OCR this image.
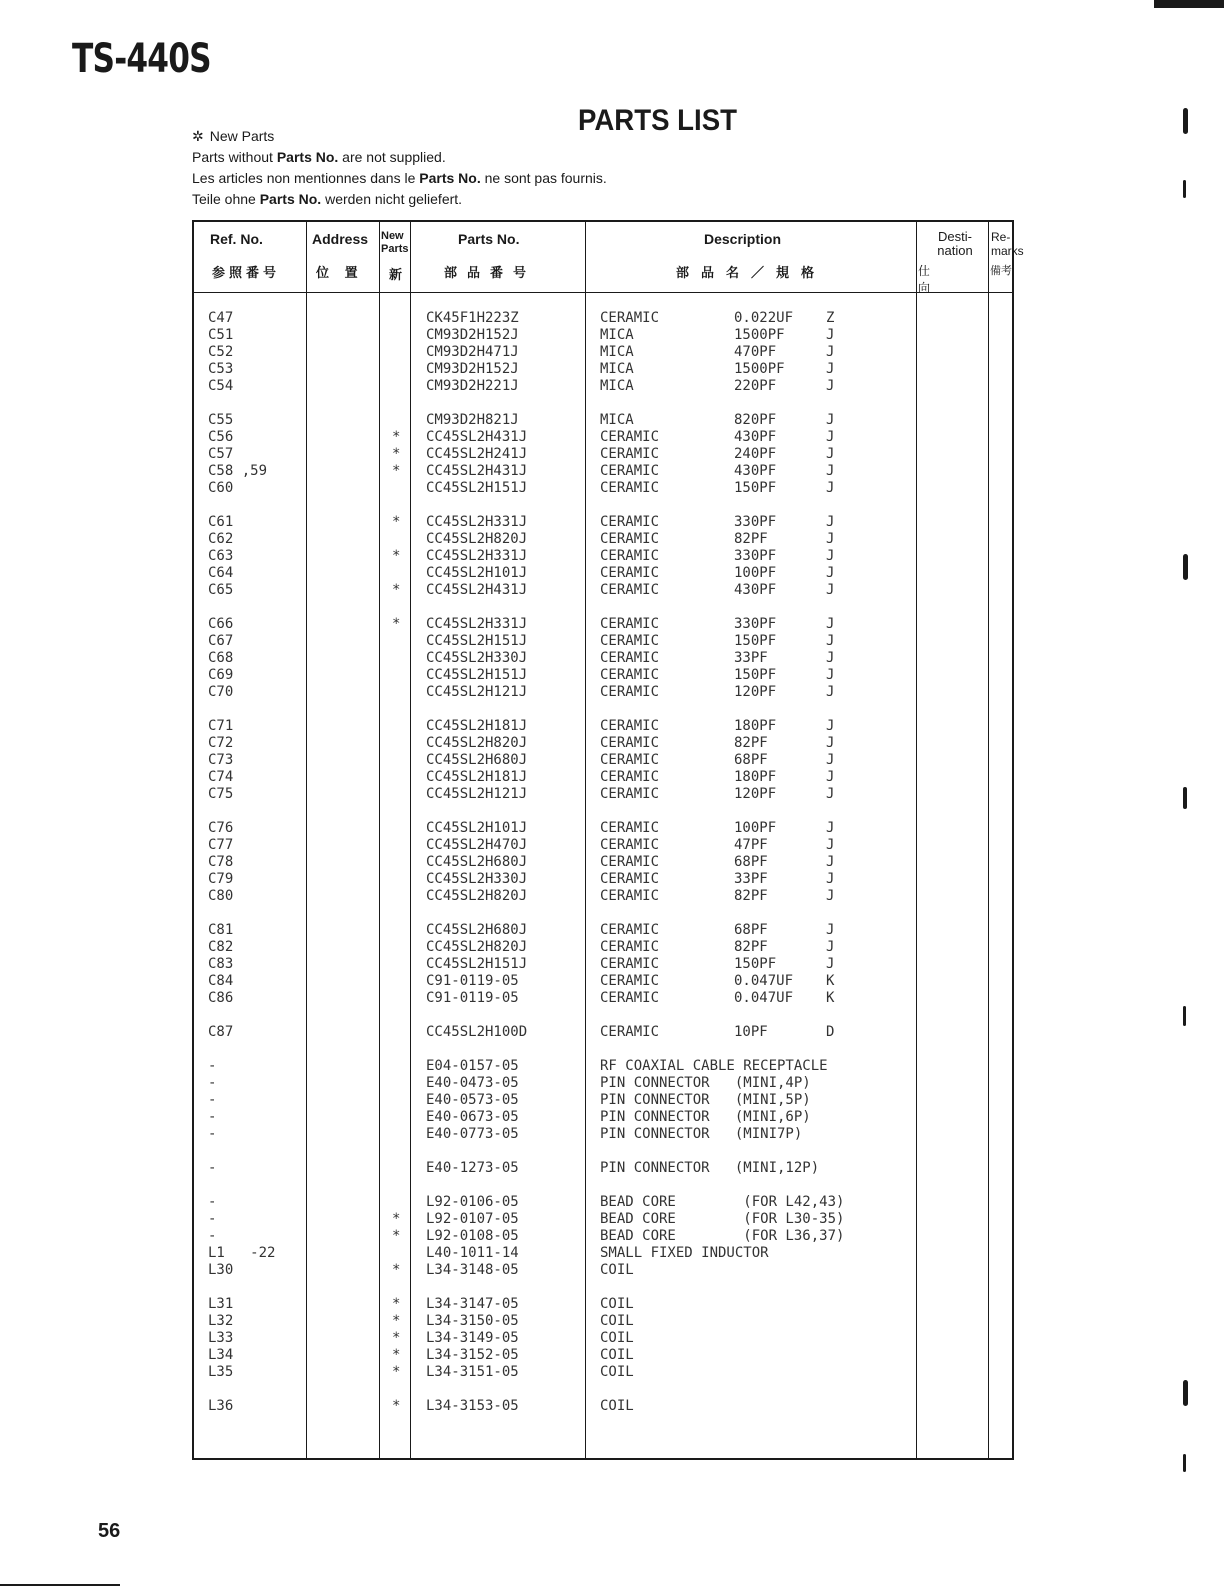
TS-440S
PARTS LIST
✲ New Parts
Parts without Parts No. are not supplied.
Les articles non mentionnes dans le Parts No. ne sont pas fournis.
Teile ohne Parts No. werden nicht geliefert.
Ref. No.
参照番号
Address
位 置
New Parts
新
Parts No.
部品番号
Description
部品名／規格
Desti- nation
仕 向
Re- marks
備考
C47	CK45F1H223Z	CERAMIC	0.022UF Z
C51	CM93D2H152J	MICA	1500PF	J
C52	CM93D2H471J	MICA	470PF	J
C53	CM93D2H152J	MICA	1500PF	J
C54	CM93D2H221J	MICA	220PF	J
C55	CM93D2H821J	MICA	820PF	J
C56	* CC45SL2H431J	CERAMIC	430PF	J
C57	* CC45SL2H241J	CERAMIC	240PF	J
C58 ,59	* CC45SL2H431J	CERAMIC	430PF	J
C60	CC45SL2H151J	CERAMIC	150PF	J
C61	* CC45SL2H331J	CERAMIC	330PF	J
C62	CC45SL2H820J	CERAMIC	82PF	J
C63	* CC45SL2H331J	CERAMIC	330PF	J
C64	CC45SL2H101J	CERAMIC	100PF	J
C65	* CC45SL2H431J	CERAMIC	430PF	J
C66	* CC45SL2H331J	CERAMIC	330PF	J
C67	CC45SL2H151J	CERAMIC	150PF	J
C68	CC45SL2H330J	CERAMIC	33PF	J
C69	CC45SL2H151J	CERAMIC	150PF	J
C70	CC45SL2H121J	CERAMIC	120PF	J
C71	CC45SL2H181J	CERAMIC	180PF	J
C72	CC45SL2H820J	CERAMIC	82PF	J
C73	CC45SL2H680J	CERAMIC	68PF	J
C74	CC45SL2H181J	CERAMIC	180PF	J
C75	CC45SL2H121J	CERAMIC	120PF	J
C76	CC45SL2H101J	CERAMIC	100PF	J
C77	CC45SL2H470J	CERAMIC	47PF	J
C78	CC45SL2H680J	CERAMIC	68PF	J
C79	CC45SL2H330J	CERAMIC	33PF	J
C80	CC45SL2H820J	CERAMIC	82PF	J
C81	CC45SL2H680J	CERAMIC	68PF	J
C82	CC45SL2H820J	CERAMIC	82PF	J
C83	CC45SL2H151J	CERAMIC	150PF	J
C84	C91-0119-05	CERAMIC	0.047UF K
C86	C91-0119-05	CERAMIC	0.047UF K
C87	CC45SL2H100D	CERAMIC	10PF	D
-	E04-0157-05	RF COAXIAL CABLE RECEPTACLE
-	E40-0473-05	PIN CONNECTOR   (MINI,4P)
-	E40-0573-05	PIN CONNECTOR   (MINI,5P)
-	E40-0673-05	PIN CONNECTOR   (MINI,6P)
-	E40-0773-05	PIN CONNECTOR   (MINI7P)
-	E40-1273-05	PIN CONNECTOR   (MINI,12P)
-	L92-0106-05	BEAD CORE        (FOR L42,43)
-	* L92-0107-05	BEAD CORE        (FOR L30-35)
-	* L92-0108-05	BEAD CORE        (FOR L36,37)
L1   -22	L40-1011-14	SMALL FIXED INDUCTOR
L30	* L34-3148-05	COIL
L31	* L34-3147-05	COIL
L32	* L34-3150-05	COIL
L33	* L34-3149-05	COIL
L34	* L34-3152-05	COIL
L35	* L34-3151-05	COIL
L36	* L34-3153-05	COIL
56
